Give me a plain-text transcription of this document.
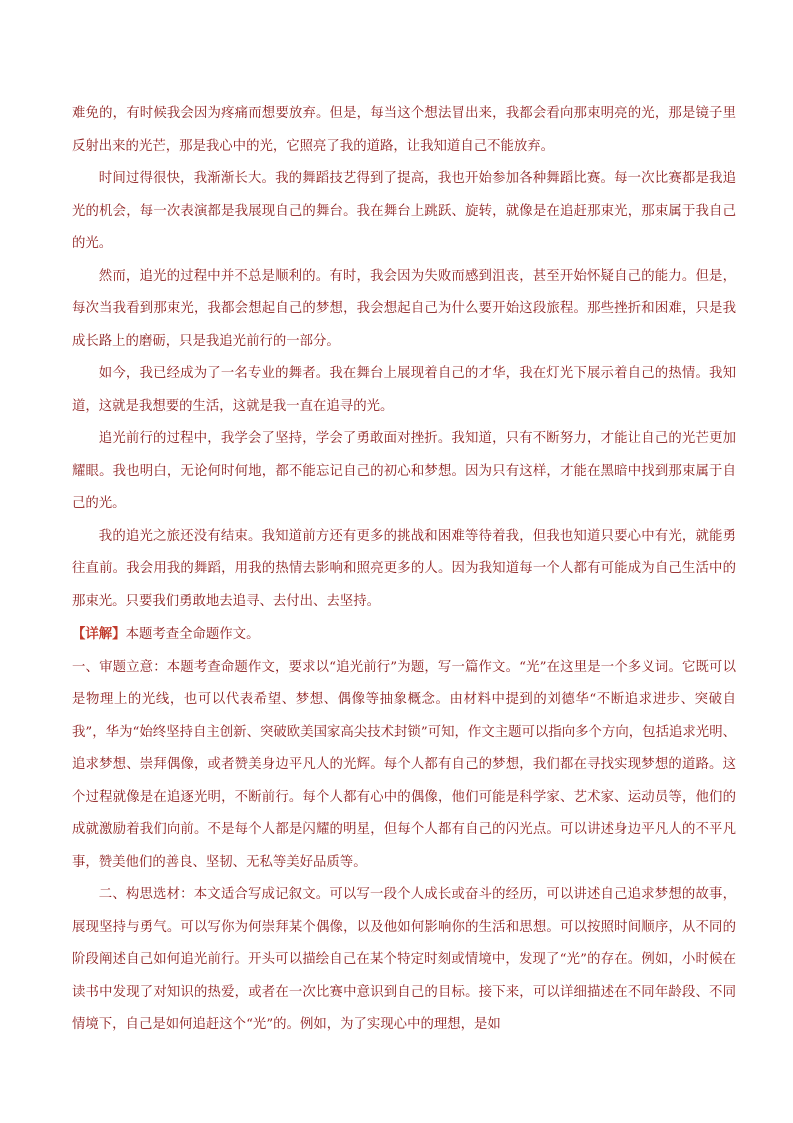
难免的，有时候我会因为疼痛而想要放弃。但是，每当这个想法冒出来，我都会看向那束明亮的光，那是镜子里反射出来的光芒，那是我心中的光，它照亮了我的道路，让我知道自己不能放弃。

时间过得很快，我渐渐长大。我的舞蹈技艺得到了提高，我也开始参加各种舞蹈比赛。每一次比赛都是我追光的机会，每一次表演都是我展现自己的舞台。我在舞台上跳跃、旋转，就像是在追赶那束光，那束属于我自己的光。

然而，追光的过程中并不总是顺利的。有时，我会因为失败而感到沮丧，甚至开始怀疑自己的能力。但是，每次当我看到那束光，我都会想起自己的梦想，我会想起自己为什么要开始这段旅程。那些挫折和困难，只是我成长路上的磨砺，只是我追光前行的一部分。

如今，我已经成为了一名专业的舞者。我在舞台上展现着自己的才华，我在灯光下展示着自己的热情。我知道，这就是我想要的生活，这就是我一直在追寻的光。

追光前行的过程中，我学会了坚持，学会了勇敢面对挫折。我知道，只有不断努力，才能让自己的光芒更加耀眼。我也明白，无论何时何地，都不能忘记自己的初心和梦想。因为只有这样，才能在黑暗中找到那束属于自己的光。

我的追光之旅还没有结束。我知道前方还有更多的挑战和困难等待着我，但我也知道只要心中有光，就能勇往直前。我会用我的舞蹈，用我的热情去影响和照亮更多的人。因为我知道每一个人都有可能成为自己生活中的那束光。只要我们勇敢地去追寻、去付出、去坚持。

【详解】本题考查全命题作文。

一、审题立意：本题考查命题作文，要求以“追光前行”为题，写一篇作文。“光”在这里是一个多义词。它既可以是物理上的光线，也可以代表希望、梦想、偶像等抽象概念。由材料中提到的刘德华“不断追求进步、突破自我”，华为“始终坚持自主创新、突破欧美国家高尖技术封锁”可知，作文主题可以指向多个方向，包括追求光明、追求梦想、崇拜偶像，或者赞美身边平凡人的光辉。每个人都有自己的梦想，我们都在寻找实现梦想的道路。这个过程就像是在追逐光明，不断前行。每个人都有心中的偶像，他们可能是科学家、艺术家、运动员等，他们的成就激励着我们向前。不是每个人都是闪耀的明星，但每个人都有自己的闪光点。可以讲述身边平凡人的不平凡事，赞美他们的善良、坚韧、无私等美好品质等。

二、构思选材：本文适合写成记叙文。可以写一段个人成长或奋斗的经历，可以讲述自己追求梦想的故事，展现坚持与勇气。可以写你为何崇拜某个偶像，以及他如何影响你的生活和思想。可以按照时间顺序，从不同的阶段阐述自己如何追光前行。开头可以描绘自己在某个特定时刻或情境中，发现了“光”的存在。例如，小时候在读书中发现了对知识的热爱，或者在一次比赛中意识到自己的目标。接下来，可以详细描述在不同年龄段、不同情境下，自己是如何追赶这个“光”的。例如，为了实现心中的理想，是如
